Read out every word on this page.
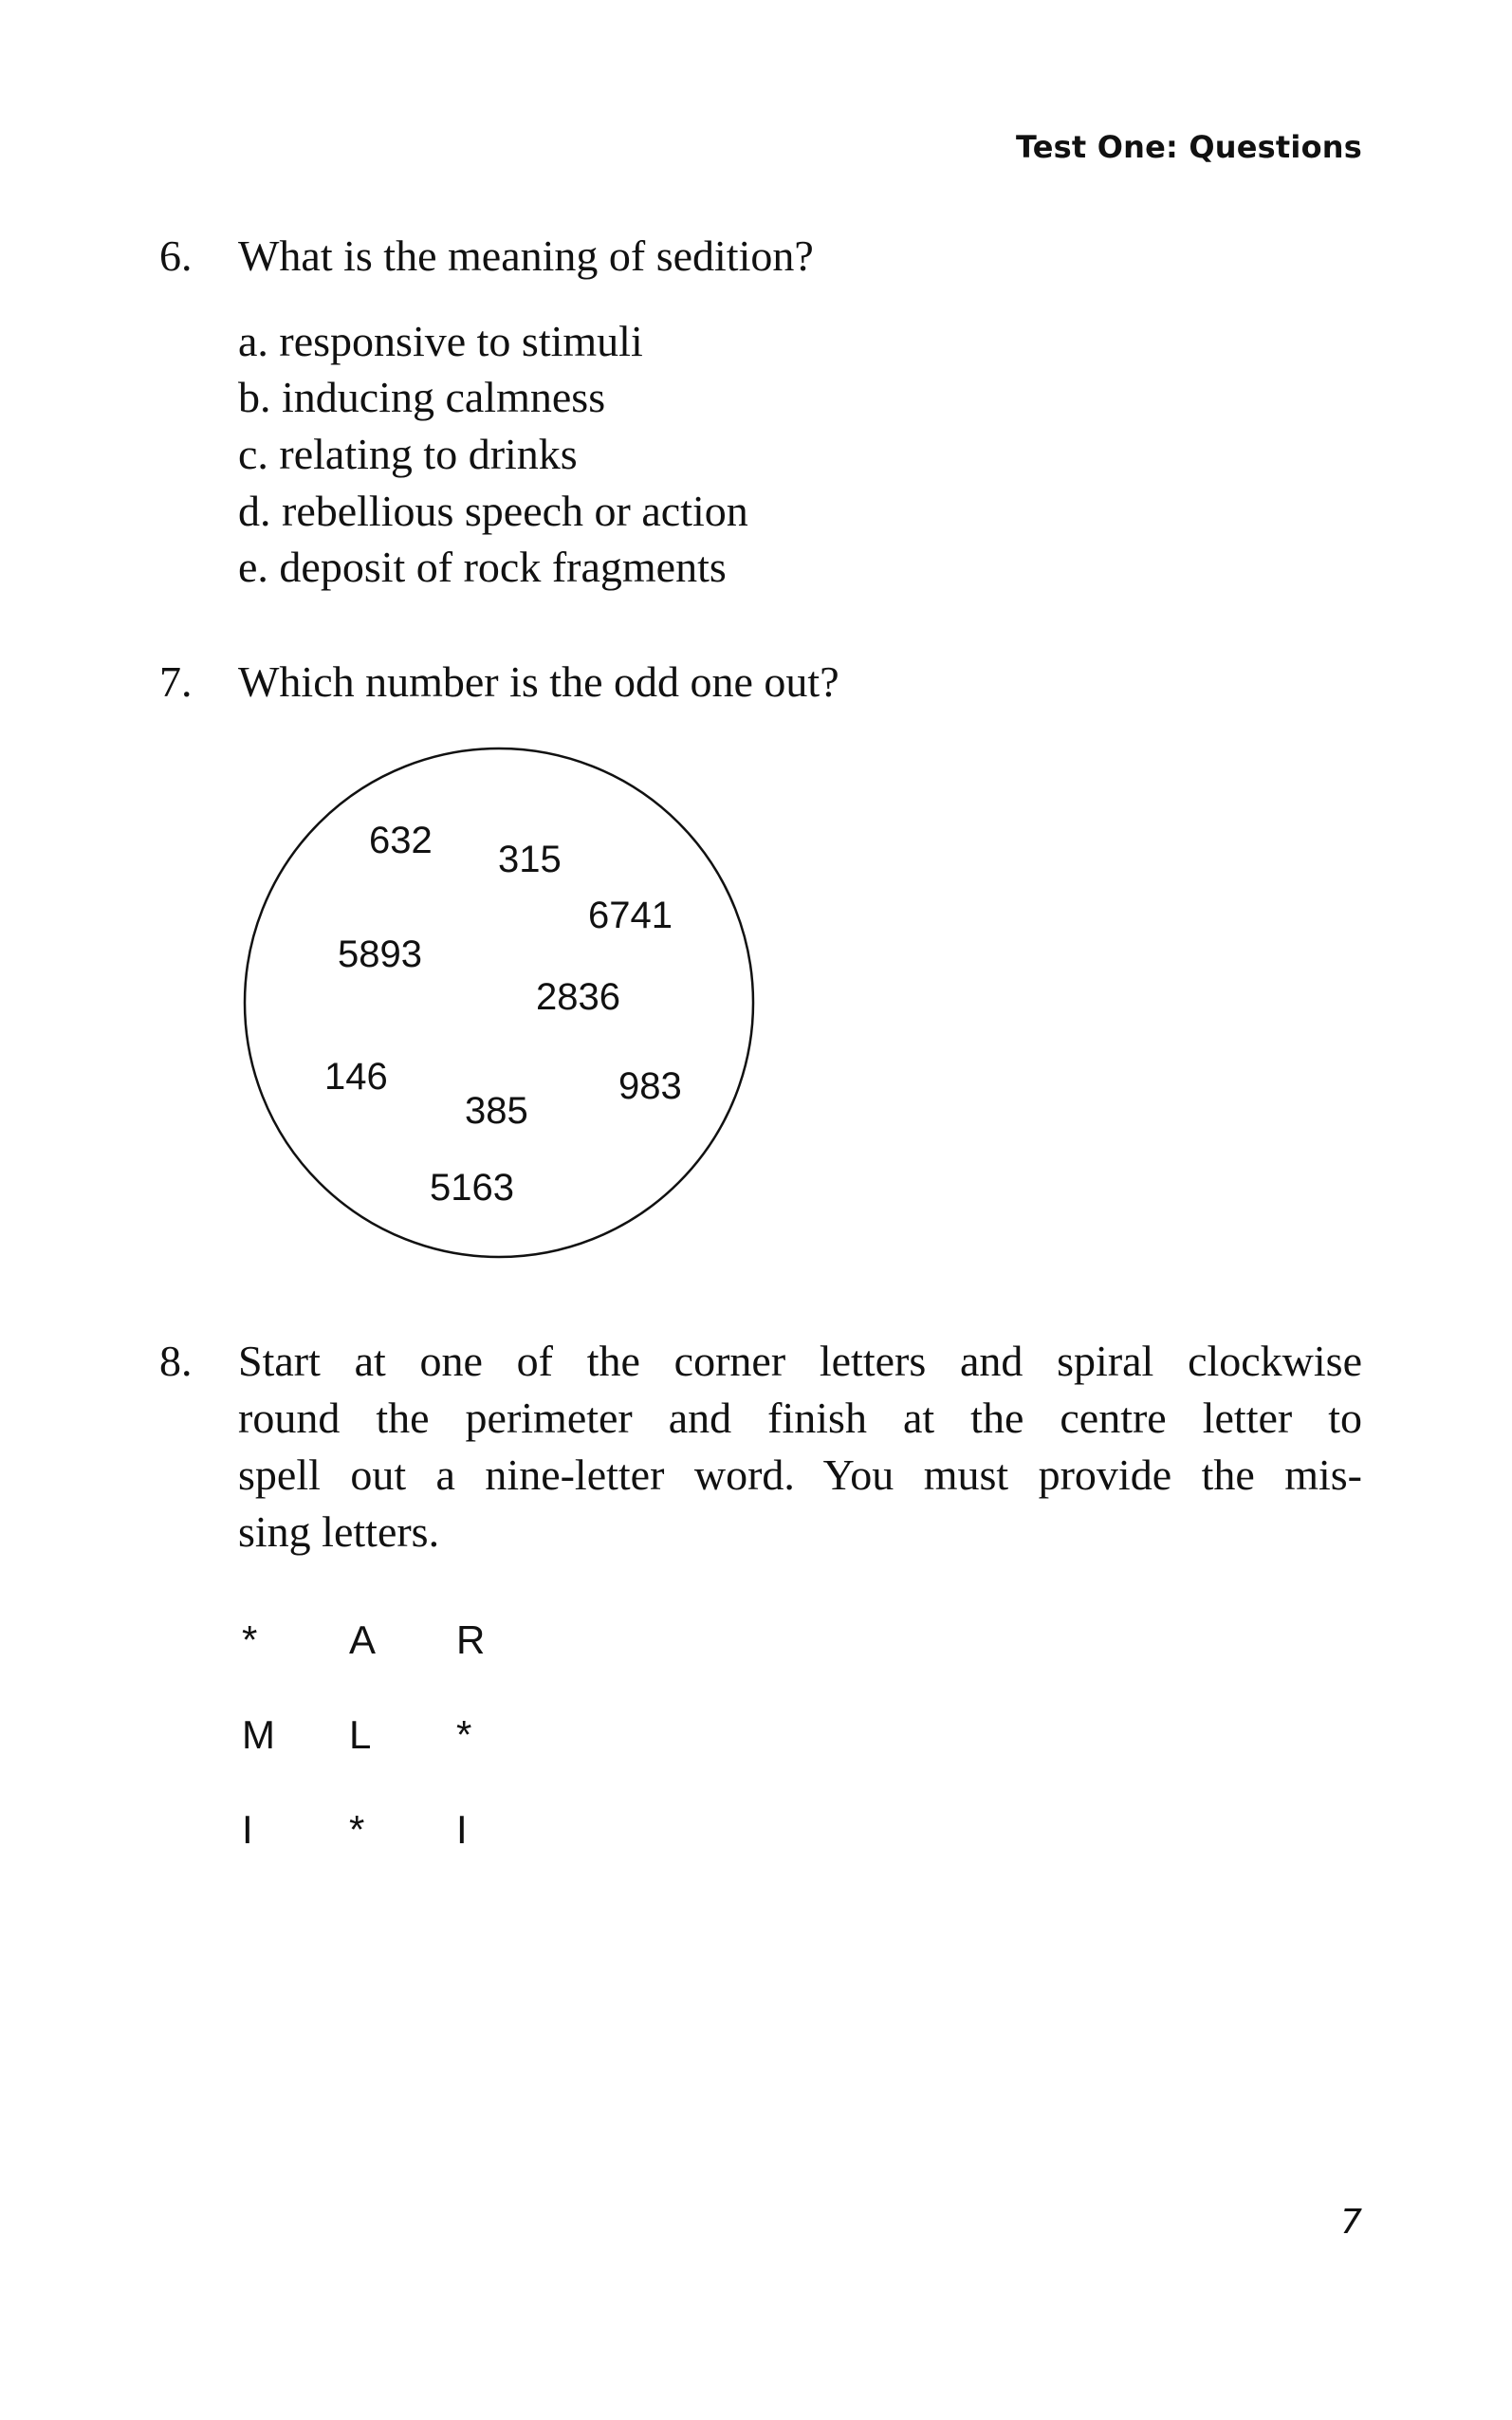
Test One: Questions
6. What is the meaning of sedition?
a. responsive to stimuli
b. inducing calmness
c. relating to drinks
d. rebellious speech or action
e. deposit of rock fragments
7. Which number is the odd one out?
632 315
6741
5893
2836
146	983
385
5163
8. Start at one of the corner letters and spiral clockwise
round the perimeter and finish at the centre letter to
spell out a nine-letter word. You must provide the mis-
sing letters.
* A R
M L *
I * I
7
